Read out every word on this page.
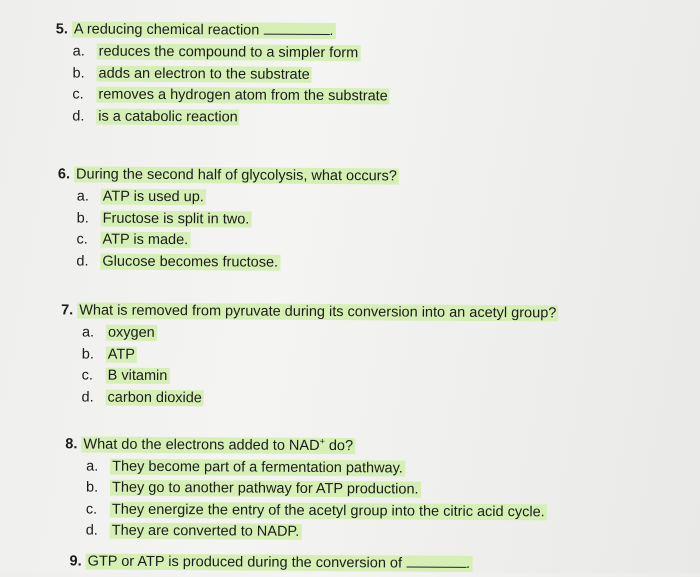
5. A reducing chemical reaction	.
a. reduces the compound to a simpler form
b. adds an electron to the substrate
c. removes a hydrogen atom from the substrate
d. is a catabolic reaction
6. During the second half of glycolysis, what occurs?
a. ATP is used up.
b. Fructose is split in two.
c. ATP is made.
d. Glucose becomes fructose.
7. What is removed from pyruvate during its conversion into an acetyl group?
a. oxygen
b. ATP
c. B vitamin
d. carbon dioxide
8. What do the electrons added to NAD+ do?
a. They become part of a fermentation pathway.
b. They go to another pathway for ATP production.
c. They energize the entry of the acetyl group into the citric acid cycle.
d. They are converted to NADP.
9. GTP or ATP is produced during the conversion of	.
